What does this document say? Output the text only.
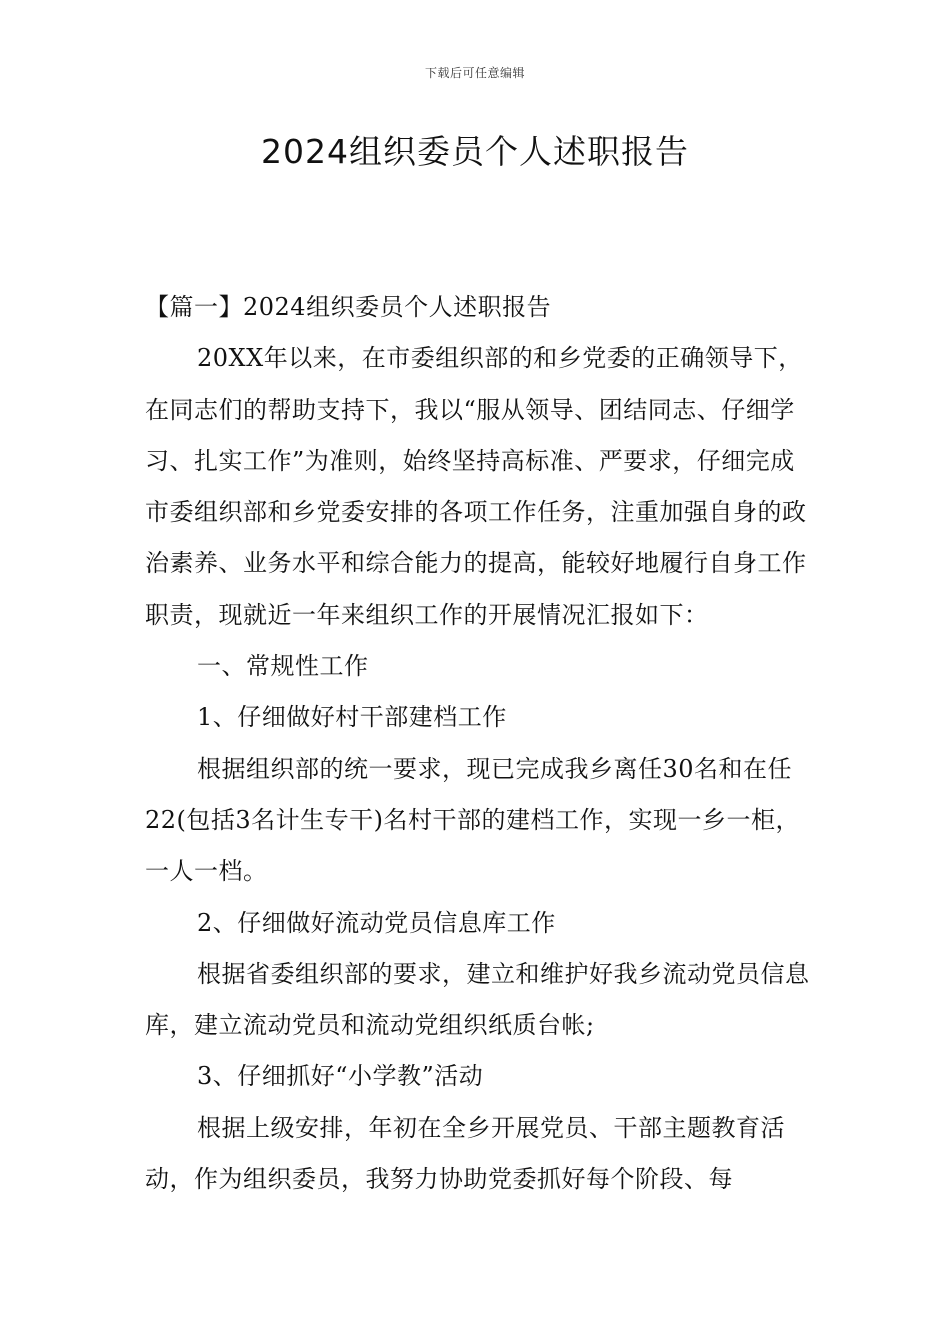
下载后可任意编辑
2024组织委员个人述职报告

【篇一】2024组织委员个人述职报告

20XX年以来，在市委组织部的和乡党委的正确领导下，在同志们的帮助支持下，我以“服从领导、团结同志、仔细学习、扎实工作”为准则，始终坚持高标准、严要求，仔细完成市委组织部和乡党委安排的各项工作任务，注重加强自身的政治素养、业务水平和综合能力的提高，能较好地履行自身工作职责，现就近一年来组织工作的开展情况汇报如下：

一、常规性工作

1、仔细做好村干部建档工作

根据组织部的统一要求，现已完成我乡离任30名和在任22(包括3名计生专干)名村干部的建档工作，实现一乡一柜，一人一档。

2、仔细做好流动党员信息库工作

根据省委组织部的要求，建立和维护好我乡流动党员信息库，建立流动党员和流动党组织纸质台帐;

3、仔细抓好“小学教”活动

根据上级安排，年初在全乡开展党员、干部主题教育活动，作为组织委员，我努力协助党委抓好每个阶段、每
